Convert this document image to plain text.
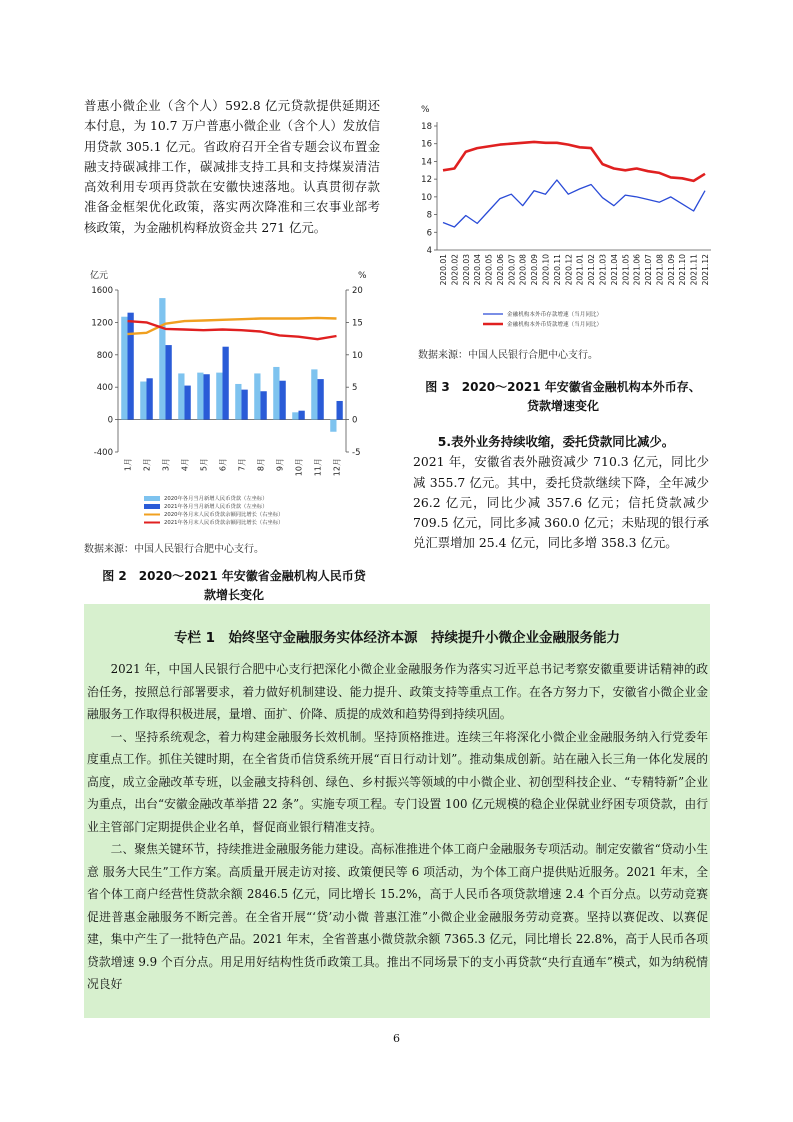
普惠小微企业（含个人）592.8 亿元贷款提供延期还本付息，为 10.7 万户普惠小微企业（含个人）发放信用贷款 305.1 亿元。省政府召开全省专题会议布置金融支持碳减排工作，碳减排支持工具和支持煤炭清洁高效利用专项再贷款在安徽快速落地。认真贯彻存款准备金框架优化政策，落实两次降准和三农事业部考核政策，为金融机构释放资金共 271 亿元。

亿元	%
-400
0
400
800
1200
1600
-5
0
5
10
15
20
1月 2月 3月 4月 5月 6月 7月 8月 9月 10月 11月 12月
2020年各月当月新增人民币贷款（左坐标）
2021年各月当月新增人民币贷款（左坐标）
2020年各月末人民币贷款余额同比增长（右坐标）
2021年各月末人民币贷款余额同比增长（右坐标）
数据来源：中国人民银行合肥中心支行。
图 2　2020～2021 年安徽省金融机构人民币贷
款增长变化
%
4
6
8
10
12
14
16
18
2020.01 2020.02 2020.03 2020.04 2020.05 2020.06 2020.07 2020.08 2020.09 2020.10 2020.11 2020.12 2021.01 2021.02 2021.03 2021.04 2021.05 2021.06 2021.07 2021.08 2021.09 2021.10 2021.11 2021.12
金融机构本外币存款增速（当月同比）
金融机构本外币贷款增速（当月同比）
数据来源：中国人民银行合肥中心支行。
图 3　2020～2021 年安徽省金融机构本外币存、
贷款增速变化

5.表外业务持续收缩，委托贷款同比减少。

2021 年，安徽省表外融资减少 710.3 亿元，同比少减 355.7 亿元。其中，委托贷款继续下降，全年减少 26.2 亿元，同比少减 357.6 亿元；信托贷款减少 709.5 亿元，同比多减 360.0 亿元；未贴现的银行承兑汇票增加 25.4 亿元，同比多增 358.3 亿元。

专栏 1　始终坚守金融服务实体经济本源　持续提升小微企业金融服务能力

2021 年，中国人民银行合肥中心支行把深化小微企业金融服务作为落实习近平总书记考察安徽重要讲话精神的政治任务，按照总行部署要求，着力做好机制建设、能力提升、政策支持等重点工作。在各方努力下，安徽省小微企业金融服务工作取得积极进展，量增、面扩、价降、质提的成效和趋势得到持续巩固。

一、坚持系统观念，着力构建金融服务长效机制。坚持顶格推进。连续三年将深化小微企业金融服务纳入行党委年度重点工作。抓住关键时期，在全省货币信贷系统开展“百日行动计划”。推动集成创新。站在融入长三角一体化发展的高度，成立金融改革专班，以金融支持科创、绿色、乡村振兴等领域的中小微企业、初创型科技企业、“专精特新”企业为重点，出台“安徽金融改革举措 22 条”。实施专项工程。专门设置 100 亿元规模的稳企业保就业纾困专项贷款，由行业主管部门定期提供企业名单，督促商业银行精准支持。

二、聚焦关键环节，持续推进金融服务能力建设。高标准推进个体工商户金融服务专项活动。制定安徽省“贷动小生意 服务大民生”工作方案。高质量开展走访对接、政策便民等 6 项活动，为个体工商户提供贴近服务。2021 年末，全省个体工商户经营性贷款余额 2846.5 亿元，同比增长 15.2%，高于人民币各项贷款增速 2.4 个百分点。以劳动竞赛促进普惠金融服务不断完善。在全省开展“‘贷’动小微 普惠江淮”小微企业金融服务劳动竞赛。坚持以赛促改、以赛促建，集中产生了一批特色产品。2021 年末，全省普惠小微贷款余额 7365.3 亿元，同比增长 22.8%，高于人民币各项贷款增速 9.9 个百分点。用足用好结构性货币政策工具。推出不同场景下的支小再贷款“央行直通车”模式，如为纳税情况良好

6
